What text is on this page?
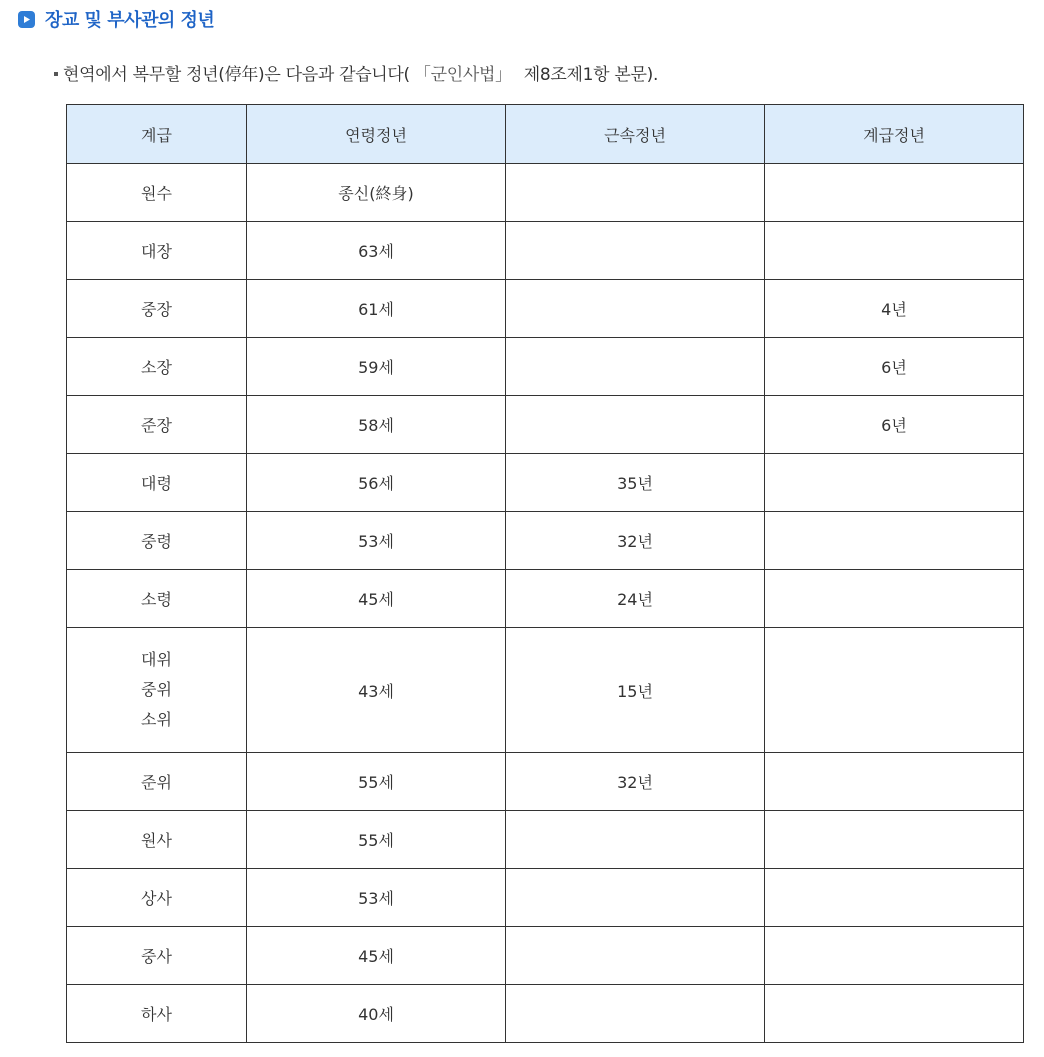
장교 및 부사관의 정년
현역에서 복무할 정년(停年)은 다음과 같습니다( 「군인사법」 제8조제1항 본문).
계급	연령정년	근속정년	계급정년

원수	종신(終身)		

대장	63세		

중장	61세		4년

소장	59세		6년

준장	58세		6년

대령	56세	35년	

중령	53세	32년	

소령	45세	24년	

대위
중위
소위	43세	15년	

준위	55세	32년	

원사	55세		

상사	53세		

중사	45세		

하사	40세		
